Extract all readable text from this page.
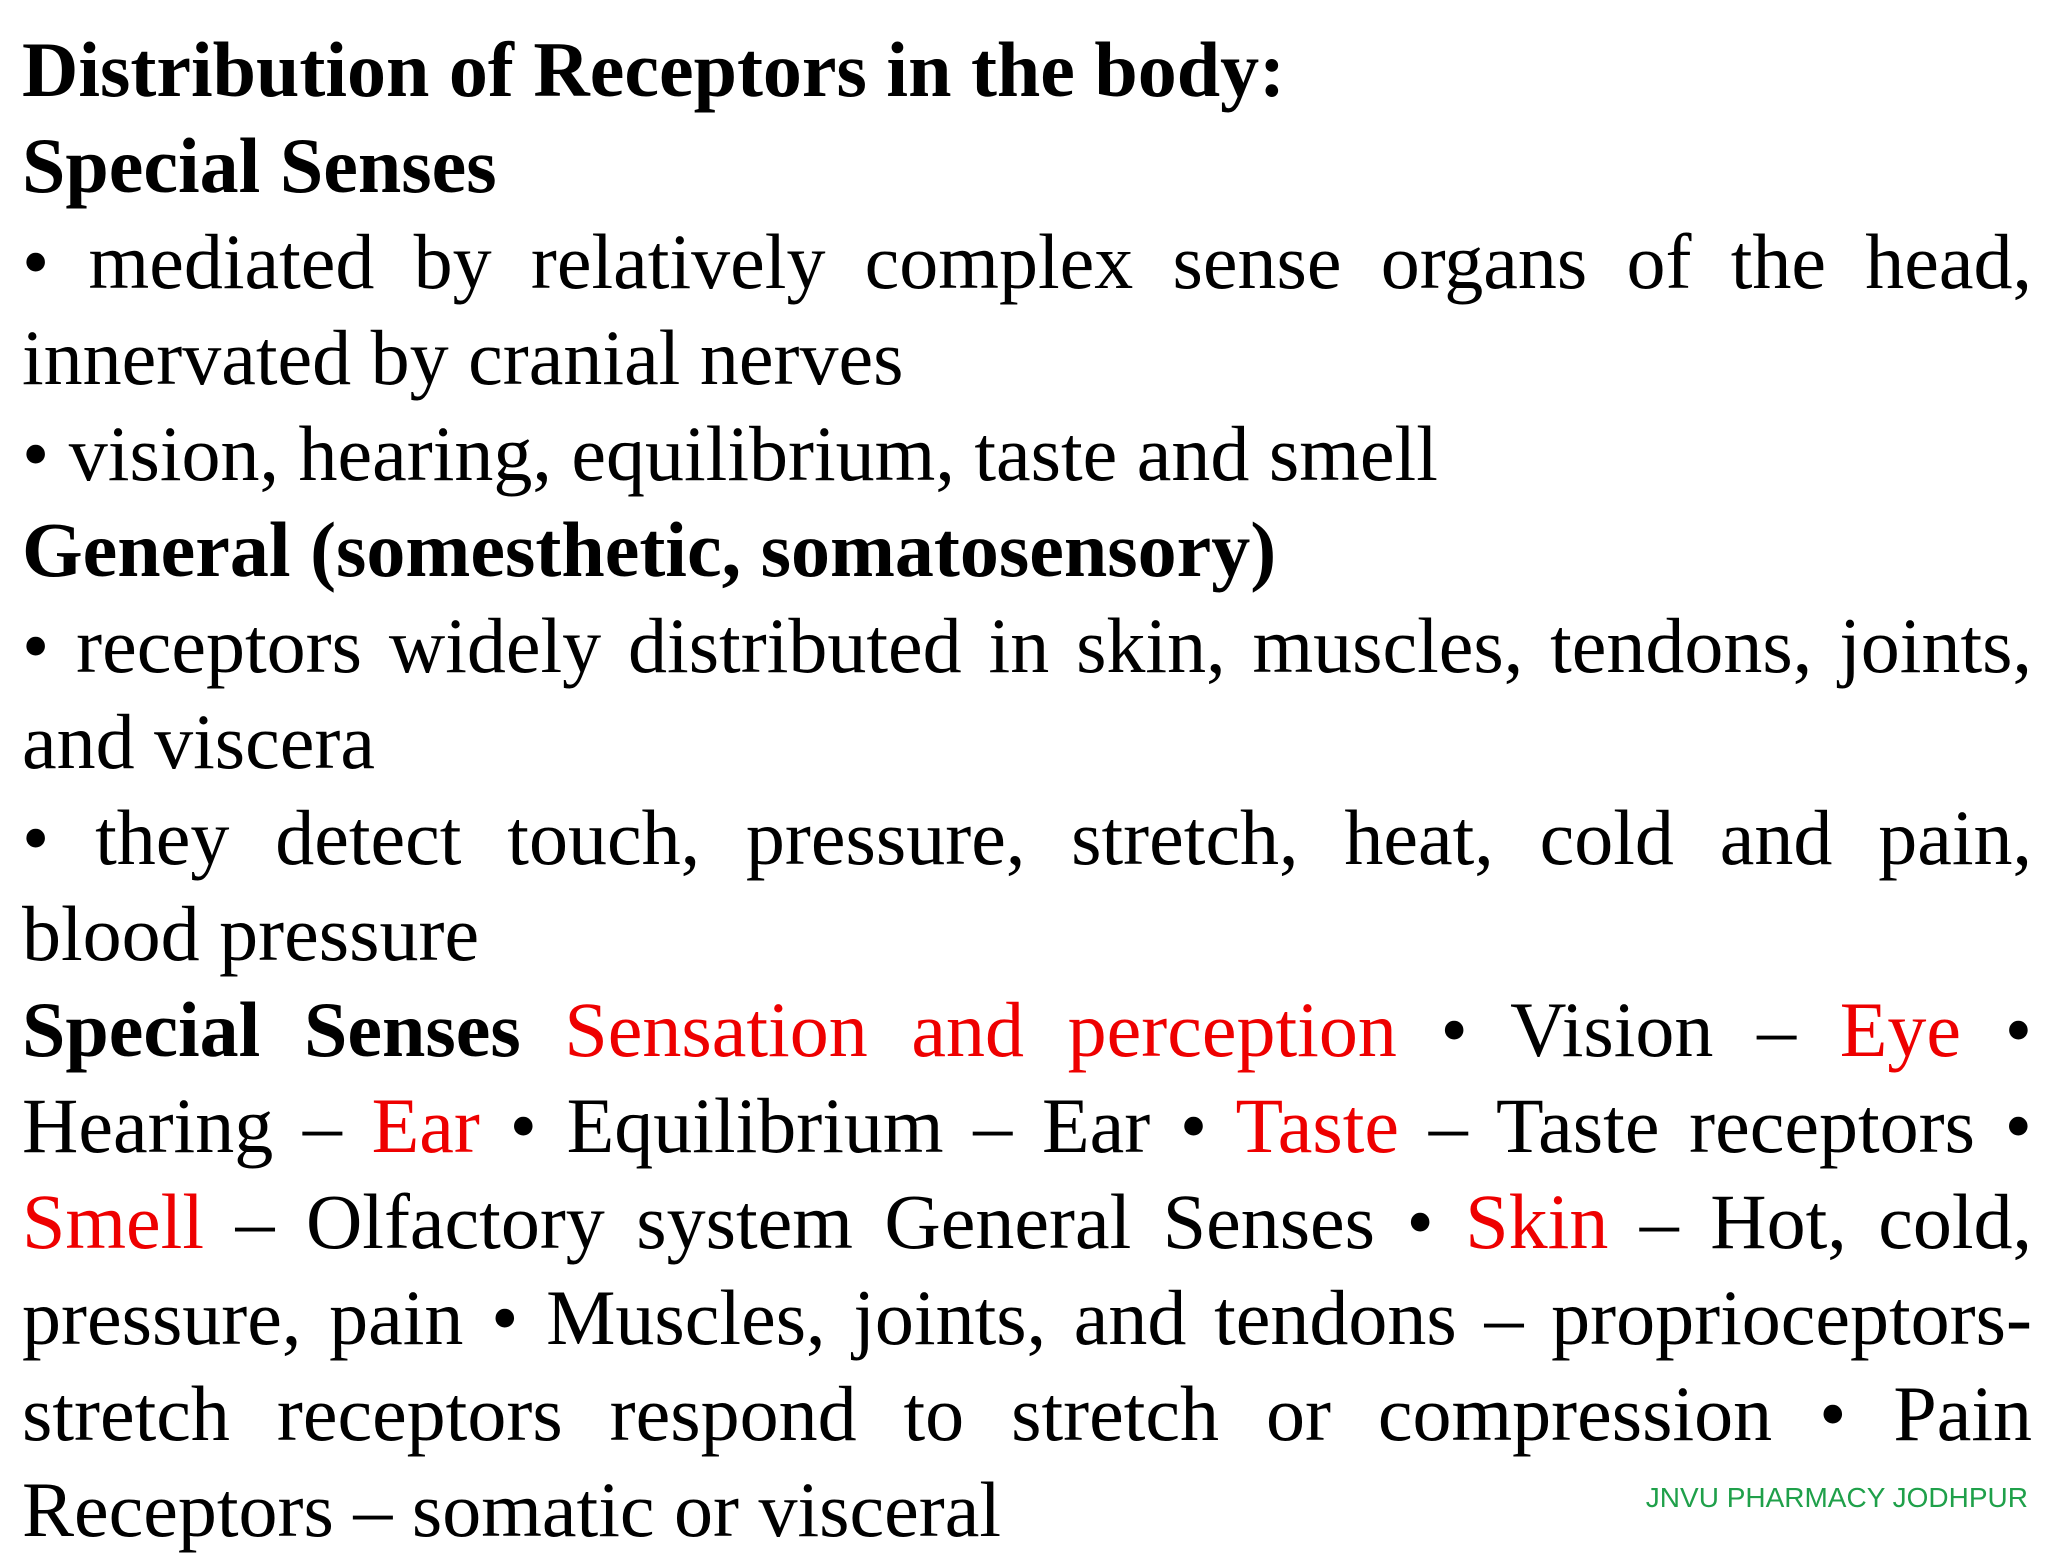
Distribution of Receptors in the body:
Special Senses
• mediated by relatively complex sense organs of the head,
innervated by cranial nerves
• vision, hearing, equilibrium, taste and smell
General (somesthetic, somatosensory)
• receptors widely distributed in skin, muscles, tendons, joints,
and viscera
• they detect touch, pressure, stretch, heat, cold and pain,
blood pressure
Special Senses Sensation and perception • Vision – Eye • Hearing – Ear • Equilibrium – Ear • Taste – Taste receptors • Smell – Olfactory system General Senses • Skin – Hot, cold, pressure, pain • Muscles, joints, and tendons – proprioceptors- stretch receptors respond to stretch or compression • Pain Receptors – somatic or visceral	JNVU PHARMACY JODHPUR
